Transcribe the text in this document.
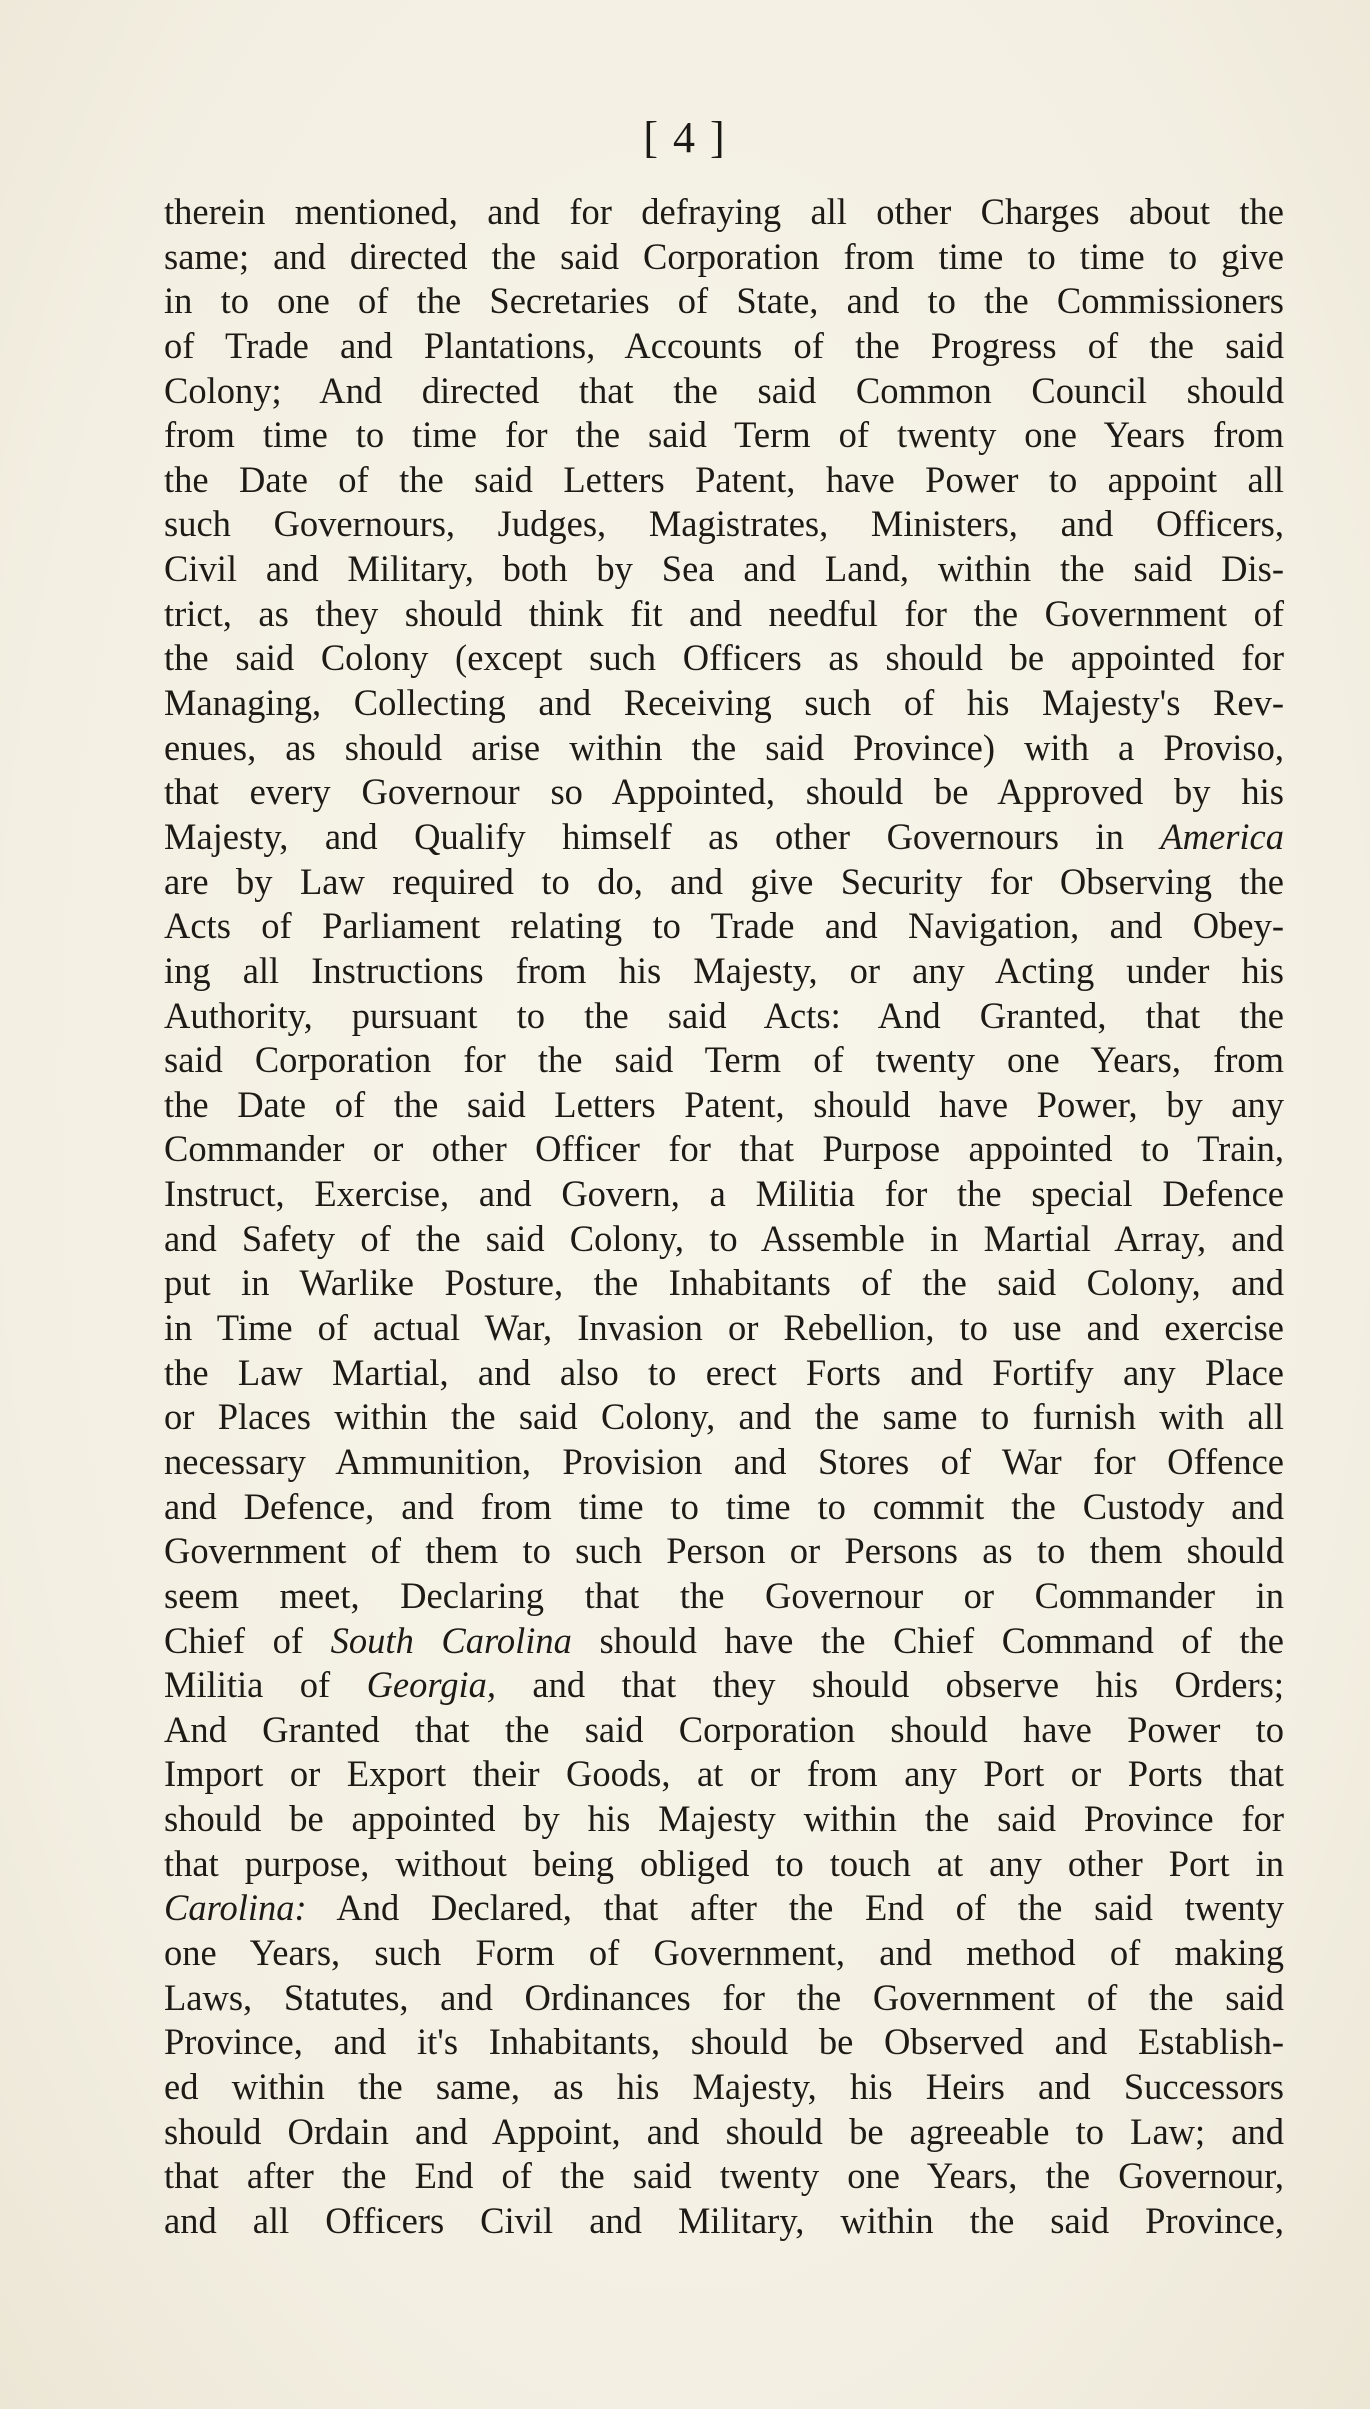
[ 4 ]
therein mentioned, and for defraying all other Charges about the
same; and directed the said Corporation from time to time to give
in to one of the Secretaries of State, and to the Commissioners
of Trade and Plantations, Accounts of the Progress of the said
Colony; And directed that the said Common Council should
from time to time for the said Term of twenty one Years from
the Date of the said Letters Patent, have Power to appoint all
such Governours, Judges, Magistrates, Ministers, and Officers,
Civil and Military, both by Sea and Land, within the said Dis-
trict, as they should think fit and needful for the Government of
the said Colony (except such Officers as should be appointed for
Managing, Collecting and Receiving such of his Majesty's Rev-
enues, as should arise within the said Province) with a Proviso,
that every Governour so Appointed, should be Approved by his
Majesty, and Qualify himself as other Governours in America
are by Law required to do, and give Security for Observing the
Acts of Parliament relating to Trade and Navigation, and Obey-
ing all Instructions from his Majesty, or any Acting under his
Authority, pursuant to the said Acts: And Granted, that the
said Corporation for the said Term of twenty one Years, from
the Date of the said Letters Patent, should have Power, by any
Commander or other Officer for that Purpose appointed to Train,
Instruct, Exercise, and Govern, a Militia for the special Defence
and Safety of the said Colony, to Assemble in Martial Array, and
put in Warlike Posture, the Inhabitants of the said Colony, and
in Time of actual War, Invasion or Rebellion, to use and exercise
the Law Martial, and also to erect Forts and Fortify any Place
or Places within the said Colony, and the same to furnish with all
necessary Ammunition, Provision and Stores of War for Offence
and Defence, and from time to time to commit the Custody and
Government of them to such Person or Persons as to them should
seem meet, Declaring that the Governour or Commander in
Chief of South Carolina should have the Chief Command of the
Militia of Georgia, and that they should observe his Orders;
And Granted that the said Corporation should have Power to
Import or Export their Goods, at or from any Port or Ports that
should be appointed by his Majesty within the said Province for
that purpose, without being obliged to touch at any other Port in
Carolina: And Declared, that after the End of the said twenty
one Years, such Form of Government, and method of making
Laws, Statutes, and Ordinances for the Government of the said
Province, and it's Inhabitants, should be Observed and Establish-
ed within the same, as his Majesty, his Heirs and Successors
should Ordain and Appoint, and should be agreeable to Law; and
that after the End of the said twenty one Years, the Governour,
and all Officers Civil and Military, within the said Province,
